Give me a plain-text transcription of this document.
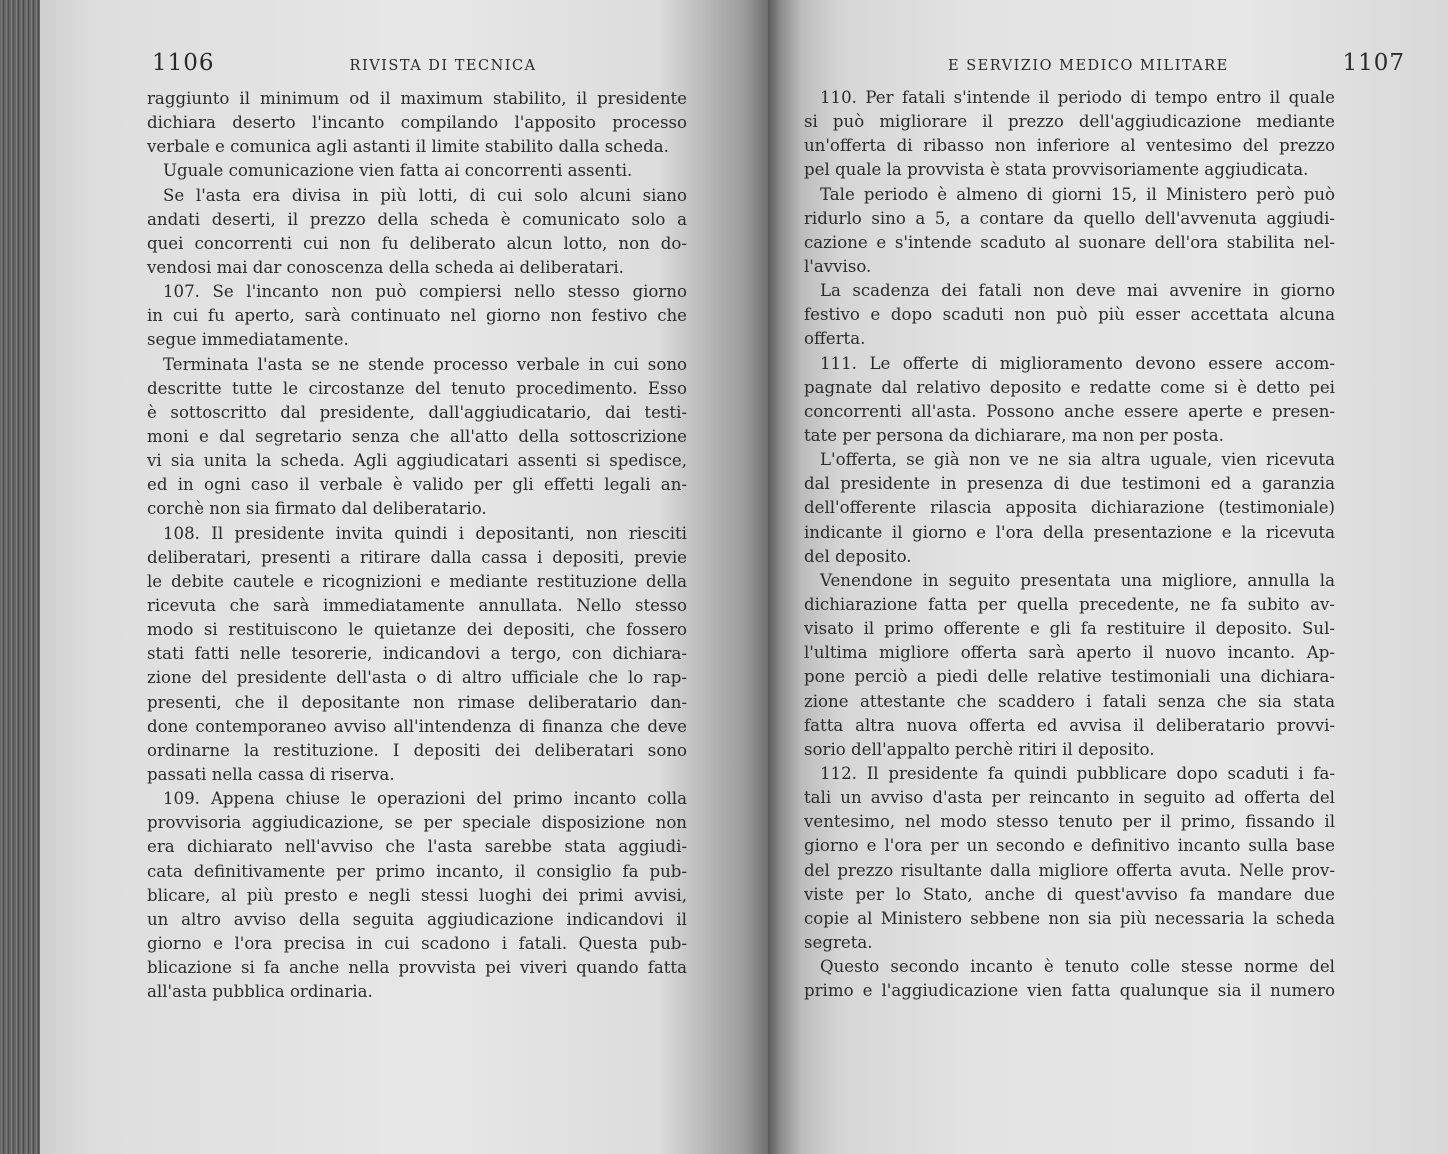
1106	RIVISTA DI TECNICA
raggiunto il minimum od il maximum stabilito, il presidente
dichiara deserto l'incanto compilando l'apposito processo
verbale e comunica agli astanti il limite stabilito dalla scheda.
Uguale comunicazione vien fatta ai concorrenti assenti.
Se l'asta era divisa in più lotti, di cui solo alcuni siano
andati deserti, il prezzo della scheda è comunicato solo a
quei concorrenti cui non fu deliberato alcun lotto, non do-
vendosi mai dar conoscenza della scheda ai deliberatari.
107. Se l'incanto non può compiersi nello stesso giorno
in cui fu aperto, sarà continuato nel giorno non festivo che
segue immediatamente.
Terminata l'asta se ne stende processo verbale in cui sono
descritte tutte le circostanze del tenuto procedimento. Esso
è sottoscritto dal presidente, dall'aggiudicatario, dai testi-
moni e dal segretario senza che all'atto della sottoscrizione
vi sia unita la scheda. Agli aggiudicatari assenti si spedisce,
ed in ogni caso il verbale è valido per gli effetti legali an-
corchè non sia firmato dal deliberatario.
108. Il presidente invita quindi i depositanti, non riesciti
deliberatari, presenti a ritirare dalla cassa i depositi, previe
le debite cautele e ricognizioni e mediante restituzione della
ricevuta che sarà immediatamente annullata. Nello stesso
modo si restituiscono le quietanze dei depositi, che fossero
stati fatti nelle tesorerie, indicandovi a tergo, con dichiara-
zione del presidente dell'asta o di altro ufficiale che lo rap-
presenti, che il depositante non rimase deliberatario dan-
done contemporaneo avviso all'intendenza di finanza che deve
ordinarne la restituzione. I depositi dei deliberatari sono
passati nella cassa di riserva.
109. Appena chiuse le operazioni del primo incanto colla
provvisoria aggiudicazione, se per speciale disposizione non
era dichiarato nell'avviso che l'asta sarebbe stata aggiudi-
cata definitivamente per primo incanto, il consiglio fa pub-
blicare, al più presto e negli stessi luoghi dei primi avvisi,
un altro avviso della seguita aggiudicazione indicandovi il
giorno e l'ora precisa in cui scadono i fatali. Questa pub-
blicazione si fa anche nella provvista pei viveri quando fatta
all'asta pubblica ordinaria.
E SERVIZIO MEDICO MILITARE	1107
110. Per fatali s'intende il periodo di tempo entro il quale
si può migliorare il prezzo dell'aggiudicazione mediante
un'offerta di ribasso non inferiore al ventesimo del prezzo
pel quale la provvista è stata provvisoriamente aggiudicata.
Tale periodo è almeno di giorni 15, il Ministero però può
ridurlo sino a 5, a contare da quello dell'avvenuta aggiudi-
cazione e s'intende scaduto al suonare dell'ora stabilita nel-
l'avviso.
La scadenza dei fatali non deve mai avvenire in giorno
festivo e dopo scaduti non può più esser accettata alcuna
offerta.
111. Le offerte di miglioramento devono essere accom-
pagnate dal relativo deposito e redatte come si è detto pei
concorrenti all'asta. Possono anche essere aperte e presen-
tate per persona da dichiarare, ma non per posta.
L'offerta, se già non ve ne sia altra uguale, vien ricevuta
dal presidente in presenza di due testimoni ed a garanzia
dell'offerente rilascia apposita dichiarazione (testimoniale)
indicante il giorno e l'ora della presentazione e la ricevuta
del deposito.
Venendone in seguito presentata una migliore, annulla la
dichiarazione fatta per quella precedente, ne fa subito av-
visato il primo offerente e gli fa restituire il deposito. Sul-
l'ultima migliore offerta sarà aperto il nuovo incanto. Ap-
pone perciò a piedi delle relative testimoniali una dichiara-
zione attestante che scaddero i fatali senza che sia stata
fatta altra nuova offerta ed avvisa il deliberatario provvi-
sorio dell'appalto perchè ritiri il deposito.
112. Il presidente fa quindi pubblicare dopo scaduti i fa-
tali un avviso d'asta per reincanto in seguito ad offerta del
ventesimo, nel modo stesso tenuto per il primo, fissando il
giorno e l'ora per un secondo e definitivo incanto sulla base
del prezzo risultante dalla migliore offerta avuta. Nelle prov-
viste per lo Stato, anche di quest'avviso fa mandare due
copie al Ministero sebbene non sia più necessaria la scheda
segreta.
Questo secondo incanto è tenuto colle stesse norme del
primo e l'aggiudicazione vien fatta qualunque sia il numero
